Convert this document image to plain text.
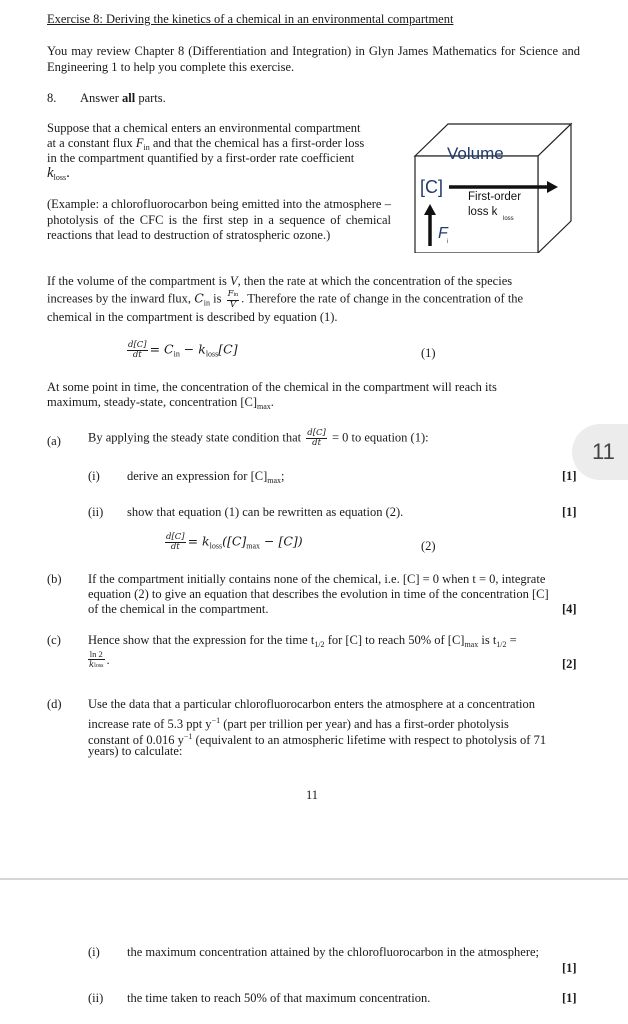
Exercise 8: Deriving the kinetics of a chemical in an environmental compartment
You may review Chapter 8 (Differentiation and Integration) in Glyn James Mathematics for Science and Engineering 1 to help you complete this exercise.
8. Answer all parts.
Suppose that a chemical enters an environmental compartment
at a constant flux $F_{in}$ and that the chemical has a first-order loss
in the compartment quantified by a first-order rate coefficient
$k_{loss}$.
(Example: a chlorofluorocarbon being emitted into the atmosphere – photolysis of the CFC is the first step in a sequence of chemical reactions that lead to destruction of stratospheric ozone.)
Volume
[C] First-order
loss k
loss
F i
If the volume of the compartment is V, then the rate at which the concentration of the species
increases by the inward flux, $C_{in}$ is $\frac{\text{Fin}}{V}$ . Therefore the rate of change in the concentration of the
chemical in the compartment is described by equation (1).
$\frac{d[C]}{dt} = C_{in} - k_{loss}[C]$	(1)
At some point in time, the concentration of the chemical in the compartment will reach its
maximum, steady-state, concentration $[C]_{max}$.
(a) By applying the steady state condition that $\frac{d[C]}{dt} = 0$ to equation (1):
11
(i) derive an expression for $[C]_{max}$;	[1]
(ii) show that equation (1) can be rewritten as equation (2).	[1]
$\frac{d[C]}{dt} = k_{loss}([C]_{max} - [C])$	(2)
(b) If the compartment initially contains none of the chemical, i.e. [C] = 0 when t = 0, integrate
equation (2) to give an equation that describes the evolution in time of the concentration [C]
of the chemical in the compartment.	[4]
(c) Hence show that the expression for the time $t_{1/2}$ for [C] to reach 50% of $[C]_{max}$ is $t_{1/2}$ =
$\frac{\ln 2}{\text{kloss}}$ .	[2]
(d) Use the data that a particular chlorofluorocarbon enters the atmosphere at a concentration
increase rate of 5.3 ppt $y^{-1}$ (part per trillion per year) and has a first-order photolysis
constant of 0.016 $y^{-1}$ (equivalent to an atmospheric lifetime with respect to photolysis of 71
years) to calculate:
11
(i) the maximum concentration attained by the chlorofluorocarbon in the atmosphere;
[1]
(ii) the time taken to reach 50% of that maximum concentration.	[1]
